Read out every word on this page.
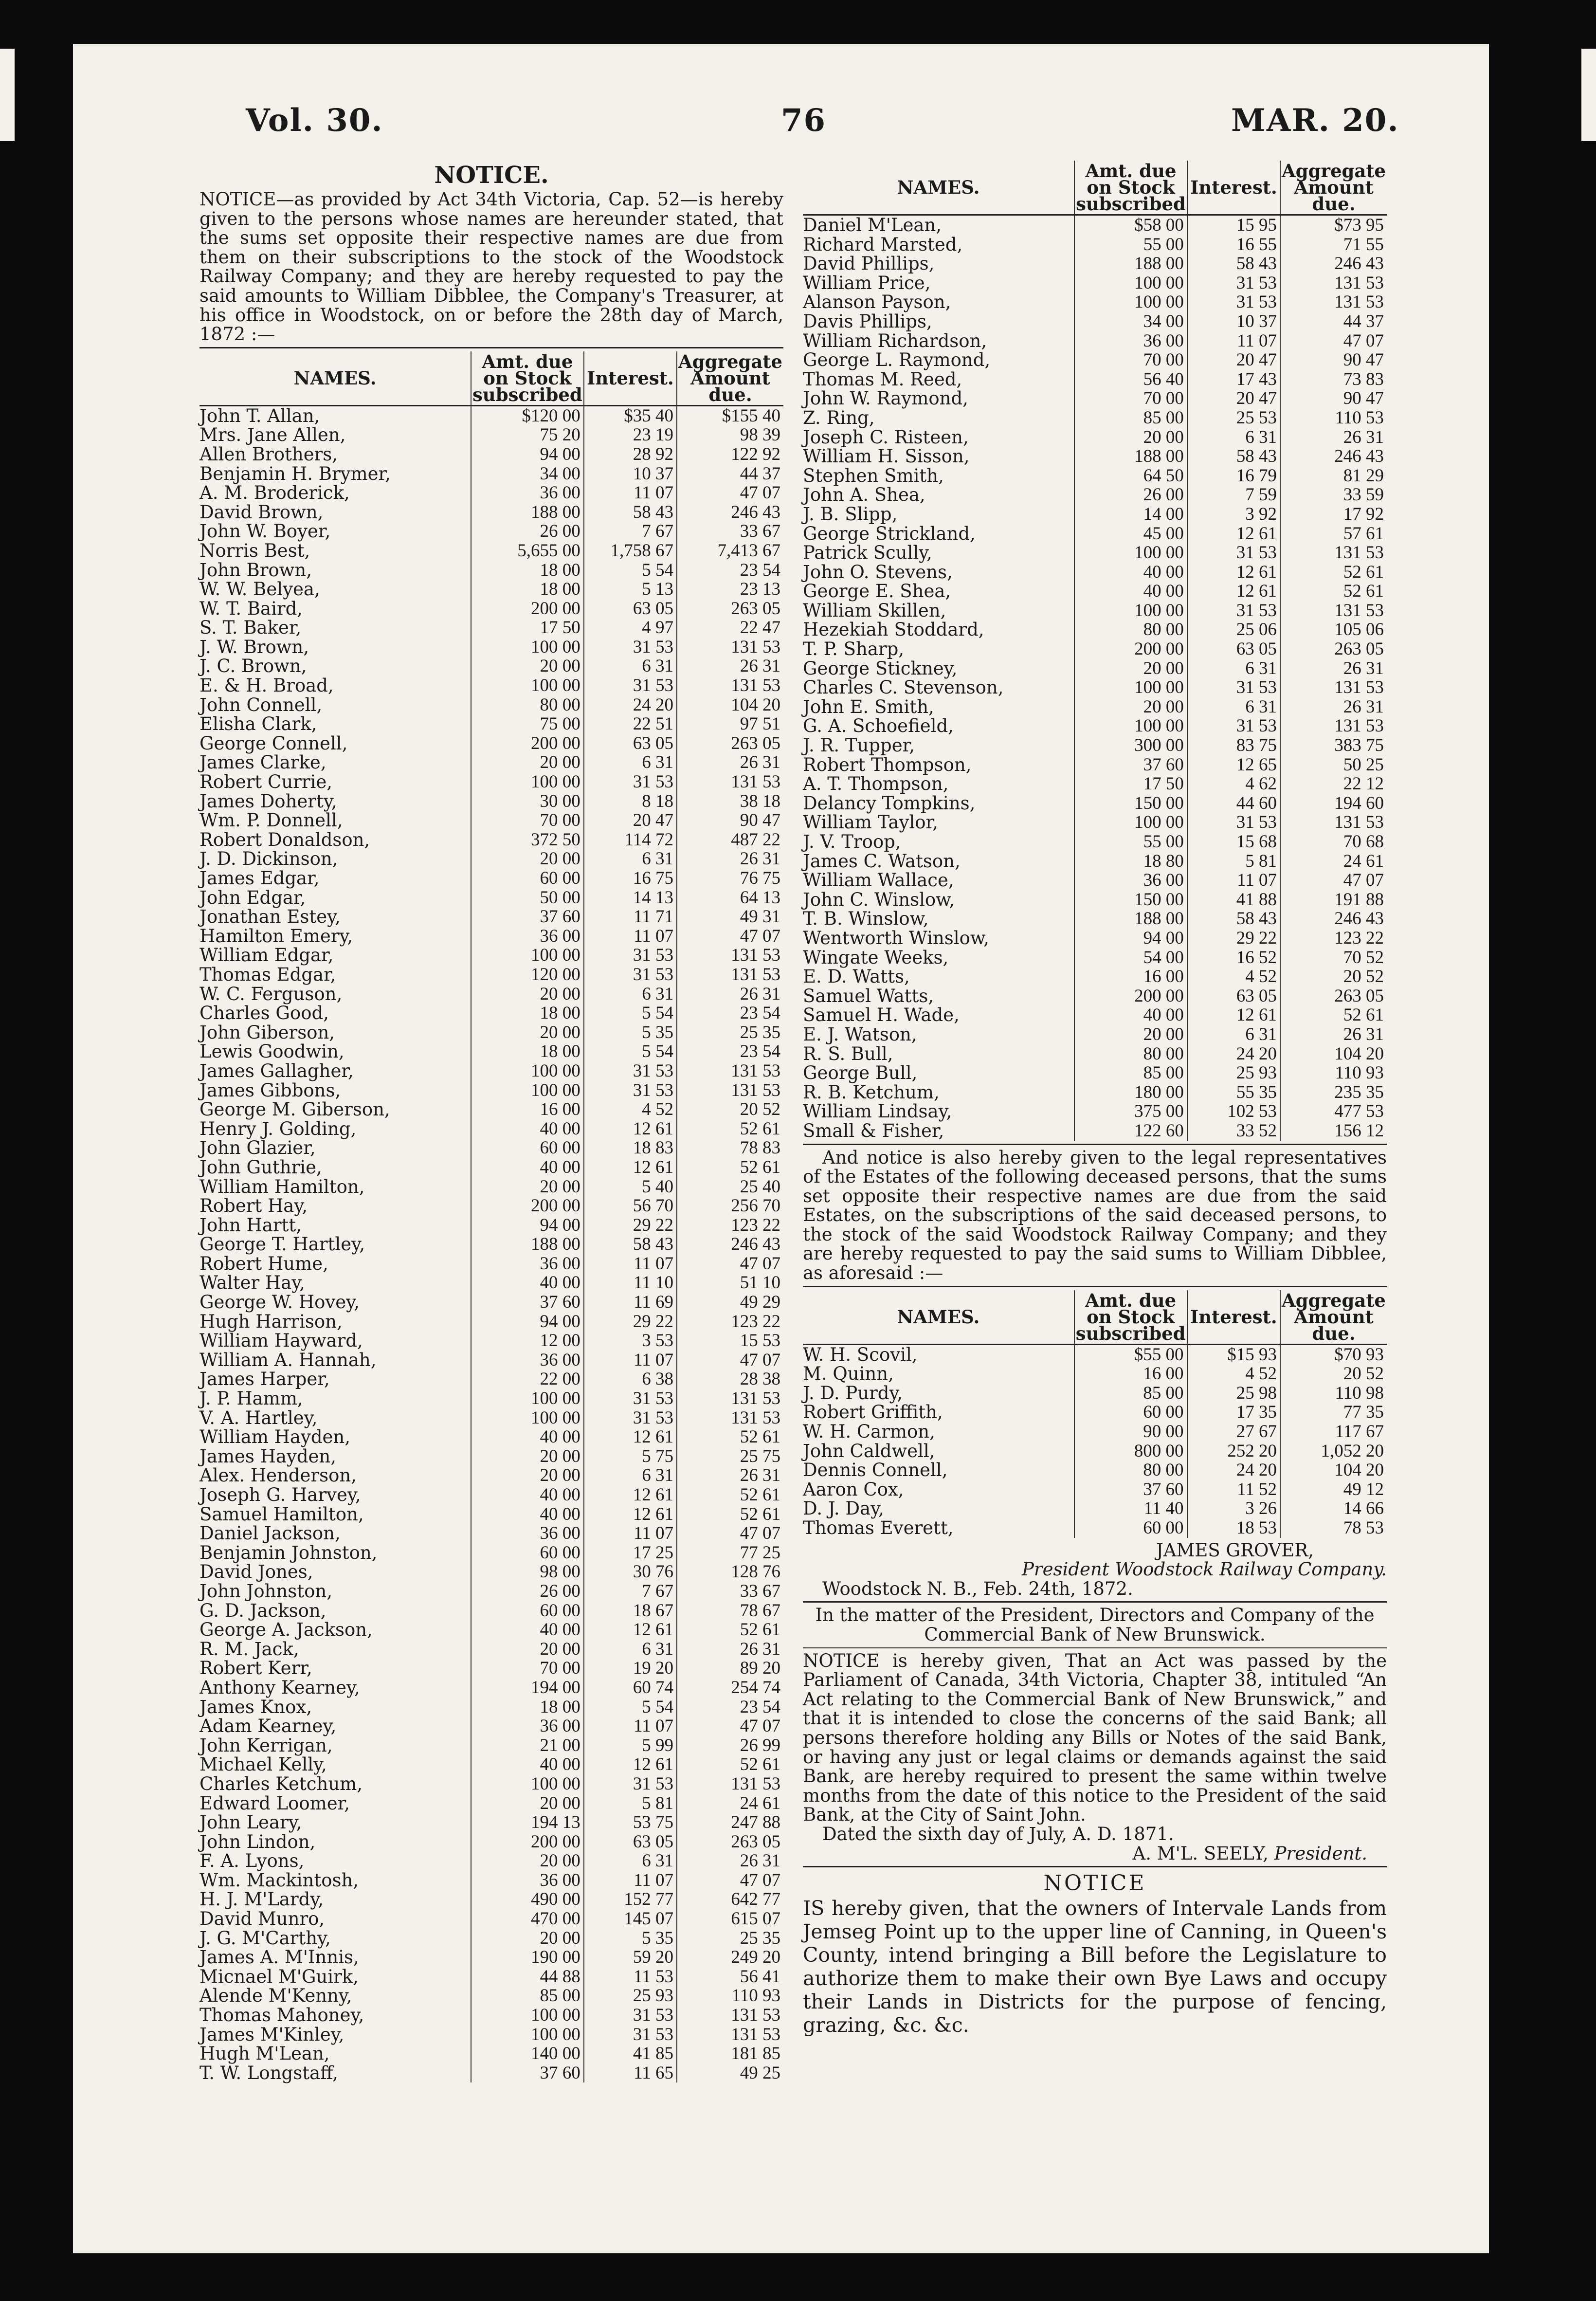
Vol. 30.	76	MAR. 20.
NOTICE.
NOTICE—as provided by Act 34th Victoria, Cap. 52—is hereby given to the persons whose names are hereunder stated, that the sums set opposite their respective names are due from them on their subscriptions to the stock of the Woodstock Railway Company; and they are hereby requested to pay the said amounts to William Dibblee, the Company's Treasurer, at his office in Woodstock, on or before the 28th day of March, 1872 :—
NAMES.	Amt. due on Stock subscribed	Interest.	Aggregate Amount due.
John T. Allan,	$120 00	$35 40	$155 40
Mrs. Jane Allen,	75 20	23 19	98 39
Allen Brothers,	94 00	28 92	122 92
Benjamin H. Brymer,	34 00	10 37	44 37
A. M. Broderick,	36 00	11 07	47 07
David Brown,	188 00	58 43	246 43
John W. Boyer,	26 00	7 67	33 67
Norris Best,	5,655 00	1,758 67	7,413 67
John Brown,	18 00	5 54	23 54
W. W. Belyea,	18 00	5 13	23 13
W. T. Baird,	200 00	63 05	263 05
S. T. Baker,	17 50	4 97	22 47
J. W. Brown,	100 00	31 53	131 53
J. C. Brown,	20 00	6 31	26 31
E. & H. Broad,	100 00	31 53	131 53
John Connell,	80 00	24 20	104 20
Elisha Clark,	75 00	22 51	97 51
George Connell,	200 00	63 05	263 05
James Clarke,	20 00	6 31	26 31
Robert Currie,	100 00	31 53	131 53
James Doherty,	30 00	8 18	38 18
Wm. P. Donnell,	70 00	20 47	90 47
Robert Donaldson,	372 50	114 72	487 22
J. D. Dickinson,	20 00	6 31	26 31
James Edgar,	60 00	16 75	76 75
John Edgar,	50 00	14 13	64 13
Jonathan Estey,	37 60	11 71	49 31
Hamilton Emery,	36 00	11 07	47 07
William Edgar,	100 00	31 53	131 53
Thomas Edgar,	120 00	31 53	131 53
W. C. Ferguson,	20 00	6 31	26 31
Charles Good,	18 00	5 54	23 54
John Giberson,	20 00	5 35	25 35
Lewis Goodwin,	18 00	5 54	23 54
James Gallagher,	100 00	31 53	131 53
James Gibbons,	100 00	31 53	131 53
George M. Giberson,	16 00	4 52	20 52
Henry J. Golding,	40 00	12 61	52 61
John Glazier,	60 00	18 83	78 83
John Guthrie,	40 00	12 61	52 61
William Hamilton,	20 00	5 40	25 40
Robert Hay,	200 00	56 70	256 70
John Hartt,	94 00	29 22	123 22
George T. Hartley,	188 00	58 43	246 43
Robert Hume,	36 00	11 07	47 07
Walter Hay,	40 00	11 10	51 10
George W. Hovey,	37 60	11 69	49 29
Hugh Harrison,	94 00	29 22	123 22
William Hayward,	12 00	3 53	15 53
William A. Hannah,	36 00	11 07	47 07
James Harper,	22 00	6 38	28 38
J. P. Hamm,	100 00	31 53	131 53
V. A. Hartley,	100 00	31 53	131 53
William Hayden,	40 00	12 61	52 61
James Hayden,	20 00	5 75	25 75
Alex. Henderson,	20 00	6 31	26 31
Joseph G. Harvey,	40 00	12 61	52 61
Samuel Hamilton,	40 00	12 61	52 61
Daniel Jackson,	36 00	11 07	47 07
Benjamin Johnston,	60 00	17 25	77 25
David Jones,	98 00	30 76	128 76
John Johnston,	26 00	7 67	33 67
G. D. Jackson,	60 00	18 67	78 67
George A. Jackson,	40 00	12 61	52 61
R. M. Jack,	20 00	6 31	26 31
Robert Kerr,	70 00	19 20	89 20
Anthony Kearney,	194 00	60 74	254 74
James Knox,	18 00	5 54	23 54
Adam Kearney,	36 00	11 07	47 07
John Kerrigan,	21 00	5 99	26 99
Michael Kelly,	40 00	12 61	52 61
Charles Ketchum,	100 00	31 53	131 53
Edward Loomer,	20 00	5 81	24 61
John Leary,	194 13	53 75	247 88
John Lindon,	200 00	63 05	263 05
F. A. Lyons,	20 00	6 31	26 31
Wm. Mackintosh,	36 00	11 07	47 07
H. J. M'Lardy,	490 00	152 77	642 77
David Munro,	470 00	145 07	615 07
J. G. M'Carthy,	20 00	5 35	25 35
James A. M'Innis,	190 00	59 20	249 20
Micnael M'Guirk,	44 88	11 53	56 41
Alende M'Kenny,	85 00	25 93	110 93
Thomas Mahoney,	100 00	31 53	131 53
James M'Kinley,	100 00	31 53	131 53
Hugh M'Lean,	140 00	41 85	181 85
T. W. Longstaff,	37 60	11 65	49 25
NAMES.	Amt. due on Stock subscribed	Interest.	Aggregate Amount due.
Daniel M'Lean,	$58 00	15 95	$73 95
Richard Marsted,	55 00	16 55	71 55
David Phillips,	188 00	58 43	246 43
William Price,	100 00	31 53	131 53
Alanson Payson,	100 00	31 53	131 53
Davis Phillips,	34 00	10 37	44 37
William Richardson,	36 00	11 07	47 07
George L. Raymond,	70 00	20 47	90 47
Thomas M. Reed,	56 40	17 43	73 83
John W. Raymond,	70 00	20 47	90 47
Z. Ring,	85 00	25 53	110 53
Joseph C. Risteen,	20 00	6 31	26 31
William H. Sisson,	188 00	58 43	246 43
Stephen Smith,	64 50	16 79	81 29
John A. Shea,	26 00	7 59	33 59
J. B. Slipp,	14 00	3 92	17 92
George Strickland,	45 00	12 61	57 61
Patrick Scully,	100 00	31 53	131 53
John O. Stevens,	40 00	12 61	52 61
George E. Shea,	40 00	12 61	52 61
William Skillen,	100 00	31 53	131 53
Hezekiah Stoddard,	80 00	25 06	105 06
T. P. Sharp,	200 00	63 05	263 05
George Stickney,	20 00	6 31	26 31
Charles C. Stevenson,	100 00	31 53	131 53
John E. Smith,	20 00	6 31	26 31
G. A. Schoefield,	100 00	31 53	131 53
J. R. Tupper,	300 00	83 75	383 75
Robert Thompson,	37 60	12 65	50 25
A. T. Thompson,	17 50	4 62	22 12
Delancy Tompkins,	150 00	44 60	194 60
William Taylor,	100 00	31 53	131 53
J. V. Troop,	55 00	15 68	70 68
James C. Watson,	18 80	5 81	24 61
William Wallace,	36 00	11 07	47 07
John C. Winslow,	150 00	41 88	191 88
T. B. Winslow,	188 00	58 43	246 43
Wentworth Winslow,	94 00	29 22	123 22
Wingate Weeks,	54 00	16 52	70 52
E. D. Watts,	16 00	4 52	20 52
Samuel Watts,	200 00	63 05	263 05
Samuel H. Wade,	40 00	12 61	52 61
E. J. Watson,	20 00	6 31	26 31
R. S. Bull,	80 00	24 20	104 20
George Bull,	85 00	25 93	110 93
R. B. Ketchum,	180 00	55 35	235 35
William Lindsay,	375 00	102 53	477 53
Small & Fisher,	122 60	33 52	156 12
And notice is also hereby given to the legal representatives of the Estates of the following deceased persons, that the sums set opposite their respective names are due from the said Estates, on the subscriptions of the said deceased persons, to the stock of the said Woodstock Railway Company; and they are hereby requested to pay the said sums to William Dibblee, as aforesaid :—
NAMES.	Amt. due on Stock subscribed	Interest.	Aggregate Amount due.
W. H. Scovil,	$55 00	$15 93	$70 93
M. Quinn,	16 00	4 52	20 52
J. D. Purdy,	85 00	25 98	110 98
Robert Griffith,	60 00	17 35	77 35
W. H. Carmon,	90 00	27 67	117 67
John Caldwell,	800 00	252 20	1,052 20
Dennis Connell,	80 00	24 20	104 20
Aaron Cox,	37 60	11 52	49 12
D. J. Day,	11 40	3 26	14 66
Thomas Everett,	60 00	18 53	78 53
JAMES GROVER,
President Woodstock Railway Company.
Woodstock N. B., Feb. 24th, 1872.
In the matter of the President, Directors and Company of the Commercial Bank of New Brunswick.
NOTICE is hereby given, That an Act was passed by the Parliament of Canada, 34th Victoria, Chapter 38, intituled “An Act relating to the Commercial Bank of New Brunswick,” and that it is intended to close the concerns of the said Bank; all persons therefore holding any Bills or Notes of the said Bank, or having any just or legal claims or demands against the said Bank, are hereby required to present the same within twelve months from the date of this notice to the President of the said Bank, at the City of Saint John.
Dated the sixth day of July, A. D. 1871.
A. M'L. SEELY, President.
NOTICE
IS hereby given, that the owners of Intervale Lands from Jemseg Point up to the upper line of Canning, in Queen's County, intend bringing a Bill before the Legislature to authorize them to make their own Bye Laws and occupy their Lands in Districts for the purpose of fencing, grazing, &c. &c.
